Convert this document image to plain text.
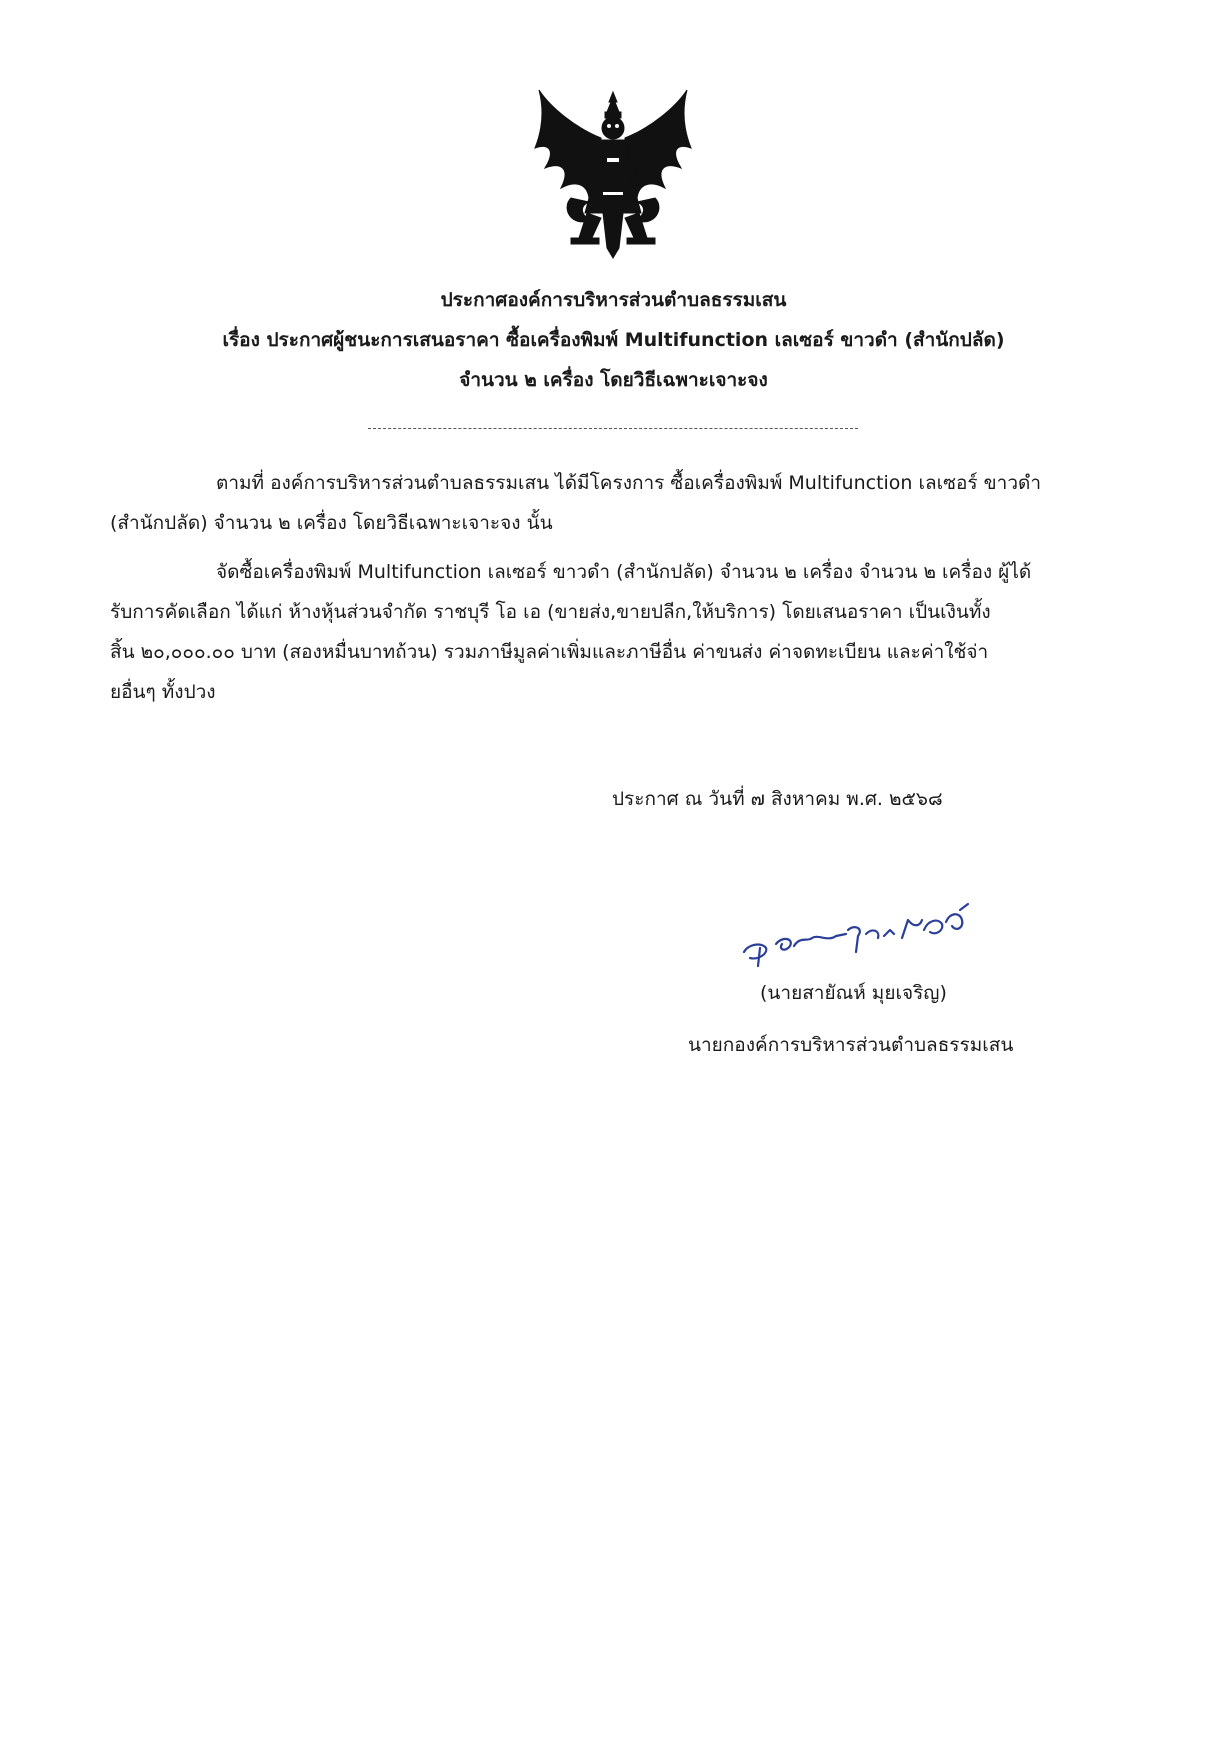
ประกาศองค์การบริหารส่วนตำบลธรรมเสน
เรื่อง ประกาศผู้ชนะการเสนอราคา ซื้อเครื่องพิมพ์ Multifunction เลเซอร์ ขาวดำ (สำนักปลัด)
จำนวน ๒ เครื่อง โดยวิธีเฉพาะเจาะจง
ตามที่ องค์การบริหารส่วนตำบลธรรมเสน ได้มีโครงการ ซื้อเครื่องพิมพ์ Multifunction เลเซอร์ ขาวดำ
(สำนักปลัด) จำนวน ๒ เครื่อง โดยวิธีเฉพาะเจาะจง นั้น
จัดซื้อเครื่องพิมพ์ Multifunction เลเซอร์ ขาวดำ (สำนักปลัด) จำนวน ๒ เครื่อง จำนวน ๒ เครื่อง ผู้ได้
รับการคัดเลือก ได้แก่ ห้างหุ้นส่วนจำกัด ราชบุรี โอ เอ (ขายส่ง,ขายปลีก,ให้บริการ) โดยเสนอราคา เป็นเงินทั้ง
สิ้น ๒๐,๐๐๐.๐๐ บาท (สองหมื่นบาทถ้วน) รวมภาษีมูลค่าเพิ่มและภาษีอื่น ค่าขนส่ง ค่าจดทะเบียน และค่าใช้จ่า
ยอื่นๆ ทั้งปวง
ประกาศ ณ วันที่ ๗ สิงหาคม พ.ศ. ๒๕๖๘
(นายสายัณห์ มุยเจริญ)
นายกองค์การบริหารส่วนตำบลธรรมเสน
